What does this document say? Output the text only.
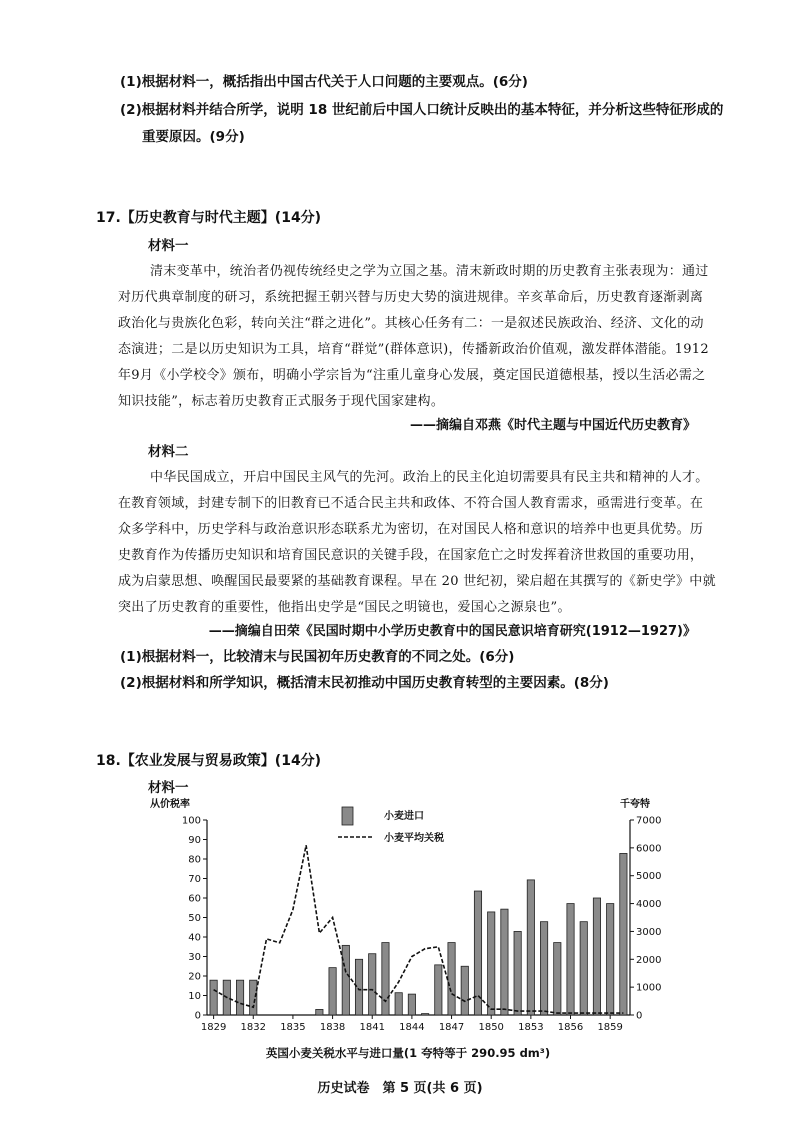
(1)根据材料一，概括指出中国古代关于人口问题的主要观点。(6分)
(2)根据材料并结合所学，说明 18 世纪前后中国人口统计反映出的基本特征，并分析这些特征形成的
重要原因。(9分)
17.【历史教育与时代主题】(14分)
材料一
清末变革中，统治者仍视传统经史之学为立国之基。清末新政时期的历史教育主张表现为：通过
对历代典章制度的研习，系统把握王朝兴替与历史大势的演进规律。辛亥革命后，历史教育逐渐剥离
政治化与贵族化色彩，转向关注“群之进化”。其核心任务有二：一是叙述民族政治、经济、文化的动
态演进；二是以历史知识为工具，培育“群觉”(群体意识)，传播新政治价值观，激发群体潜能。1912
年9月《小学校令》颁布，明确小学宗旨为“注重儿童身心发展，奠定国民道德根基，授以生活必需之
知识技能”，标志着历史教育正式服务于现代国家建构。
——摘编自邓燕《时代主题与中国近代历史教育》
材料二
中华民国成立，开启中国民主风气的先河。政治上的民主化迫切需要具有民主共和精神的人才。
在教育领域，封建专制下的旧教育已不适合民主共和政体、不符合国人教育需求，亟需进行变革。在
众多学科中，历史学科与政治意识形态联系尤为密切，在对国民人格和意识的培养中也更具优势。历
史教育作为传播历史知识和培育国民意识的关键手段，在国家危亡之时发挥着济世救国的重要功用，
成为启蒙思想、唤醒国民最要紧的基础教育课程。早在 20 世纪初，梁启超在其撰写的《新史学》中就
突出了历史教育的重要性，他指出史学是“国民之明镜也，爱国心之源泉也”。
——摘编自田荣《民国时期中小学历史教育中的国民意识培育研究(1912—1927)》
(1)根据材料一，比较清末与民国初年历史教育的不同之处。(6分)
(2)根据材料和所学知识，概括清末民初推动中国历史教育转型的主要因素。(8分)
18.【农业发展与贸易政策】(14分)
材料一
从价税率	千夸特
0
10
20
30
40
50
60
70
80
90
100
0
1000
2000
3000
4000
5000
6000
7000
1829 1832 1835 1838 1841 1844 1847 1850 1853 1856 1859
小麦进口
小麦平均关税
英国小麦关税水平与进口量(1 夸特等于 290.95 dm³)
历史试卷　第 5 页(共 6 页)
